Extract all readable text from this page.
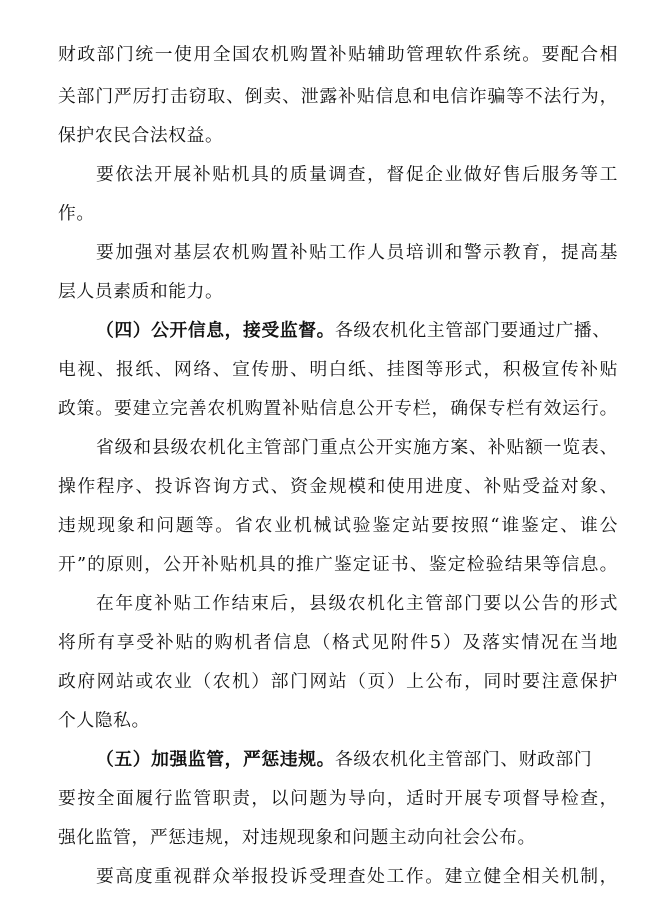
财政部门统一使用全国农机购置补贴辅助管理软件系统。要配合相
关部门严厉打击窃取、倒卖、泄露补贴信息和电信诈骗等不法行为，
保护农民合法权益。
要依法开展补贴机具的质量调查，督促企业做好售后服务等工
作。
要加强对基层农机购置补贴工作人员培训和警示教育，提高基
层人员素质和能力。
（四）公开信息，接受监督。各级农机化主管部门要通过广播、
电视、报纸、网络、宣传册、明白纸、挂图等形式，积极宣传补贴
政策。要建立完善农机购置补贴信息公开专栏，确保专栏有效运行。
省级和县级农机化主管部门重点公开实施方案、补贴额一览表、
操作程序、投诉咨询方式、资金规模和使用进度、补贴受益对象、
违规现象和问题等。省农业机械试验鉴定站要按照“谁鉴定、谁公
开”的原则，公开补贴机具的推广鉴定证书、鉴定检验结果等信息。
在年度补贴工作结束后，县级农机化主管部门要以公告的形式
将所有享受补贴的购机者信息（格式见附件5）及落实情况在当地
政府网站或农业（农机）部门网站（页）上公布，同时要注意保护
个人隐私。
（五）加强监管，严惩违规。各级农机化主管部门、财政部门
要按全面履行监管职责，以问题为导向，适时开展专项督导检查，
强化监管，严惩违规，对违规现象和问题主动向社会公布。
要高度重视群众举报投诉受理查处工作。建立健全相关机制，
